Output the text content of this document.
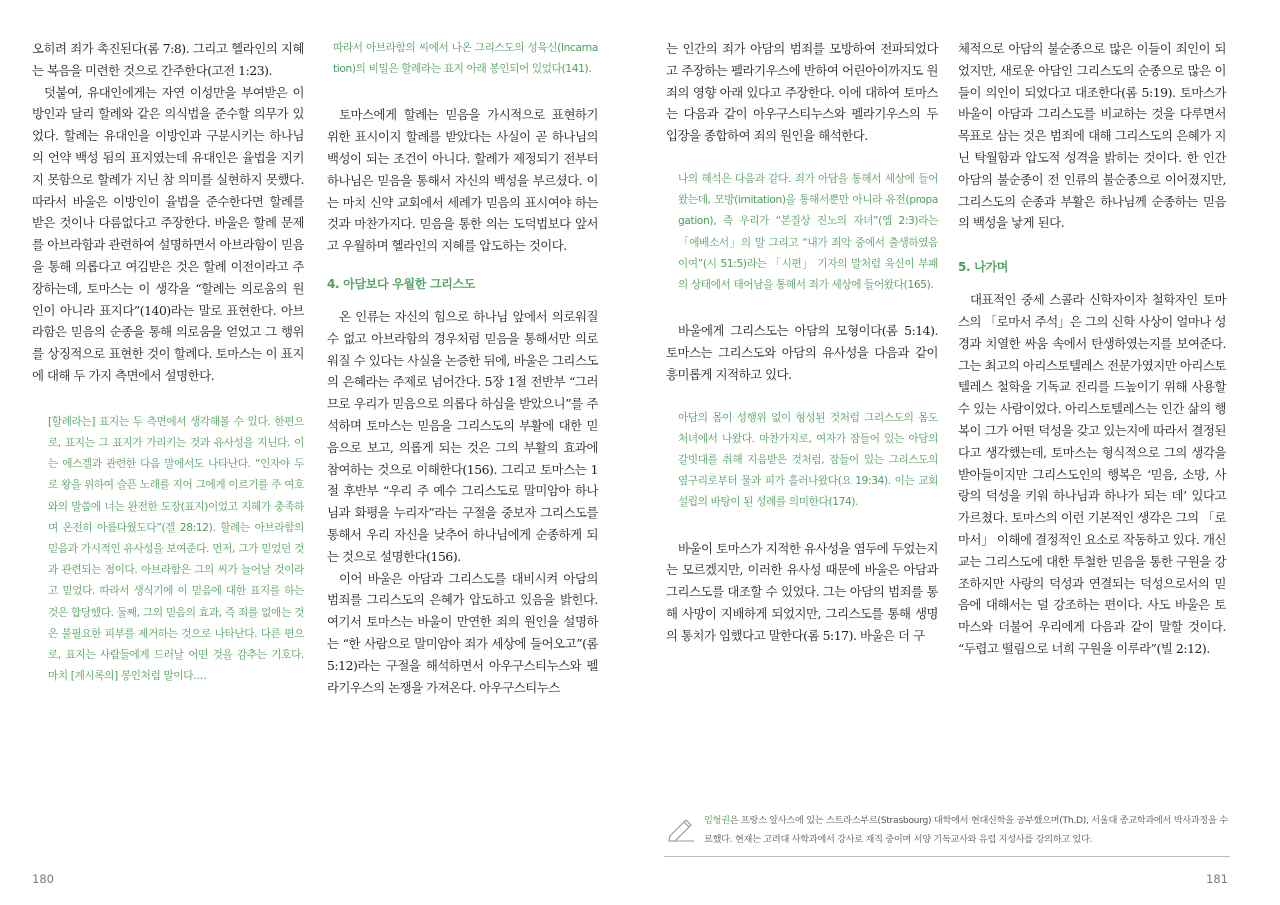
오히려 죄가 촉진된다(롬 7:8). 그리고 헬라인의 지혜는 복음을 미련한 것으로 간주한다(고전 1:23).

덧붙여, 유대인에게는 자연 이성만을 부여받은 이방인과 달리 할례와 같은 의식법을 준수할 의무가 있었다. 할례는 유대인을 이방인과 구분시키는 하나님의 언약 백성 됨의 표지였는데 유대인은 율법을 지키지 못함으로 할례가 지닌 참 의미를 실현하지 못했다. 따라서 바울은 이방인이 율법을 준수한다면 할례를 받은 것이나 다름없다고 주장한다. 바울은 할례 문제를 아브라함과 관련하여 설명하면서 아브라함이 믿음을 통해 의롭다고 여김받은 것은 할례 이전이라고 주장하는데, 토마스는 이 생각을 “할례는 의로움의 원인이 아니라 표지다”(140)라는 말로 표현한다. 아브라함은 믿음의 순종을 통해 의로움을 얻었고 그 행위를 상징적으로 표현한 것이 할례다. 토마스는 이 표지에 대해 두 가지 측면에서 설명한다.

[할례라는] 표지는 두 측면에서 생각해볼 수 있다. 한편으로, 표지는 그 표지가 가리키는 것과 유사성을 지닌다. 이는 에스겔과 관련한 다음 말에서도 나타난다. “인자야 두로 왕을 위하여 슬픈 노래를 지어 그에게 이르기를 주 여호와의 말씀에 너는 완전한 도장(표지)이었고 지혜가 충족하며 온전히 아름다웠도다”(겔 28:12). 할례는 아브라함의 믿음과 가시적인 유사성을 보여준다. 먼저, 그가 믿었던 것과 관련되는 점이다. 아브라함은 그의 씨가 늘어날 것이라고 믿었다. 따라서 생식기에 이 믿음에 대한 표지를 하는 것은 합당했다. 둘째, 그의 믿음의 효과, 즉 죄를 없애는 것은 불필요한 피부를 제거하는 것으로 나타난다. 다른 편으로, 표지는 사람들에게 드러날 어떤 것을 감추는 기호다. 마치 [계시록의] 봉인처럼 말이다.…

따라서 아브라함의 씨에서 나온 그리스도의 성육신(Incarnation)의 비밀은 할례라는 표지 아래 봉인되어 있었다(141).

토마스에게 할례는 믿음을 가시적으로 표현하기 위한 표시이지 할례를 받았다는 사실이 곧 하나님의 백성이 되는 조건이 아니다. 할례가 제정되기 전부터 하나님은 믿음을 통해서 자신의 백성을 부르셨다. 이는 마치 신약 교회에서 세례가 믿음의 표시여야 하는 것과 마찬가지다. 믿음을 통한 의는 도덕법보다 앞서고 우월하며 헬라인의 지혜를 압도하는 것이다.

4. 아담보다 우월한 그리스도

온 인류는 자신의 힘으로 하나님 앞에서 의로워질 수 없고 아브라함의 경우처럼 믿음을 통해서만 의로워질 수 있다는 사실을 논증한 뒤에, 바울은 그리스도의 은혜라는 주제로 넘어간다. 5장 1절 전반부 “그러므로 우리가 믿음으로 의롭다 하심을 받았으니”를 주석하며 토마스는 믿음을 그리스도의 부활에 대한 믿음으로 보고, 의롭게 되는 것은 그의 부활의 효과에 참여하는 것으로 이해한다(156). 그리고 토마스는 1절 후반부 “우리 주 예수 그리스도로 말미암아 하나님과 화평을 누리자”라는 구절을 중보자 그리스도를 통해서 우리 자신을 낮추어 하나님에게 순종하게 되는 것으로 설명한다(156).

이어 바울은 아담과 그리스도를 대비시켜 아담의 범죄를 그리스도의 은혜가 압도하고 있음을 밝힌다. 여기서 토마스는 바울이 만연한 죄의 원인을 설명하는 “한 사람으로 말미암아 죄가 세상에 들어오고”(롬 5:12)라는 구절을 해석하면서 아우구스티누스와 펠라기우스의 논쟁을 가져온다. 아우구스티누스

180

는 인간의 죄가 아담의 범죄를 모방하여 전파되었다고 주장하는 펠라기우스에 반하여 어린아이까지도 원죄의 영향 아래 있다고 주장한다. 이에 대하여 토마스는 다음과 같이 아우구스티누스와 펠라기우스의 두 입장을 종합하여 죄의 원인을 해석한다.

나의 해석은 다음과 같다. 죄가 아담을 통해서 세상에 들어왔는데, 모방(imitation)을 통해서뿐만 아니라 유전(propagation), 즉 우리가 “본질상 진노의 자녀”(엡 2:3)라는 「에베소서」의 말 그리고 “내가 죄악 중에서 출생하였음이여”(시 51:5)라는 「시편」 기자의 말처럼 육신이 부패의 상태에서 태어남을 통해서 죄가 세상에 들어왔다(165).

바울에게 그리스도는 아담의 모형이다(롬 5:14). 토마스는 그리스도와 아담의 유사성을 다음과 같이 흥미롭게 지적하고 있다.

아담의 몸이 성행위 없이 형성된 것처럼 그리스도의 몸도 처녀에서 나왔다. 마찬가지로, 여자가 잠들어 있는 아담의 갈빗대를 취해 지음받은 것처럼, 잠들어 있는 그리스도의 옆구리로부터 물과 피가 흘러나왔다(요 19:34). 이는 교회 설립의 바탕이 된 성례를 의미한다(174).

바울이 토마스가 지적한 유사성을 염두에 두었는지는 모르겠지만, 이러한 유사성 때문에 바울은 아담과 그리스도를 대조할 수 있었다. 그는 아담의 범죄를 통해 사망이 지배하게 되었지만, 그리스도를 통해 생명의 통치가 임했다고 말한다(롬 5:17). 바울은 더 구

체적으로 아담의 불순종으로 많은 이들이 죄인이 되었지만, 새로운 아담인 그리스도의 순종으로 많은 이들이 의인이 되었다고 대조한다(롬 5:19). 토마스가 바울이 아담과 그리스도를 비교하는 것을 다루면서 목표로 삼는 것은 범죄에 대해 그리스도의 은혜가 지닌 탁월함과 압도적 성격을 밝히는 것이다. 한 인간 아담의 불순종이 전 인류의 불순종으로 이어졌지만, 그리스도의 순종과 부활은 하나님께 순종하는 믿음의 백성을 낳게 된다.

5. 나가며

대표적인 중세 스콜라 신학자이자 철학자인 토마스의 「로마서 주석」은 그의 신학 사상이 얼마나 성경과 치열한 싸움 속에서 탄생하였는지를 보여준다. 그는 최고의 아리스토텔레스 전문가였지만 아리스토텔레스 철학을 기독교 진리를 드높이기 위해 사용할 수 있는 사람이었다. 아리스토텔레스는 인간 삶의 행복이 그가 어떤 덕성을 갖고 있는지에 따라서 결정된다고 생각했는데, 토마스는 형식적으로 그의 생각을 받아들이지만 그리스도인의 행복은 ‘믿음, 소망, 사랑의 덕성을 키워 하나님과 하나가 되는 데’ 있다고 가르쳤다. 토마스의 이런 기본적인 생각은 그의 「로마서」 이해에 결정적인 요소로 작동하고 있다. 개신교는 그리스도에 대한 투철한 믿음을 통한 구원을 강조하지만 사랑의 덕성과 연결되는 덕성으로서의 믿음에 대해서는 덜 강조하는 편이다. 사도 바울은 토마스와 더불어 우리에게 다음과 같이 말할 것이다. “두렵고 떨림으로 너희 구원을 이루라”(빌 2:12).

임형권은 프랑스 알사스에 있는 스트라스부르(Strasbourg) 대학에서 현대신학을 공부했으며(Th.D), 서울대 종교학과에서 박사과정을 수료했다. 현재는 고려대 사학과에서 강사로 재직 중이며 서양 기독교사와 유럽 지성사를 강의하고 있다.
181
